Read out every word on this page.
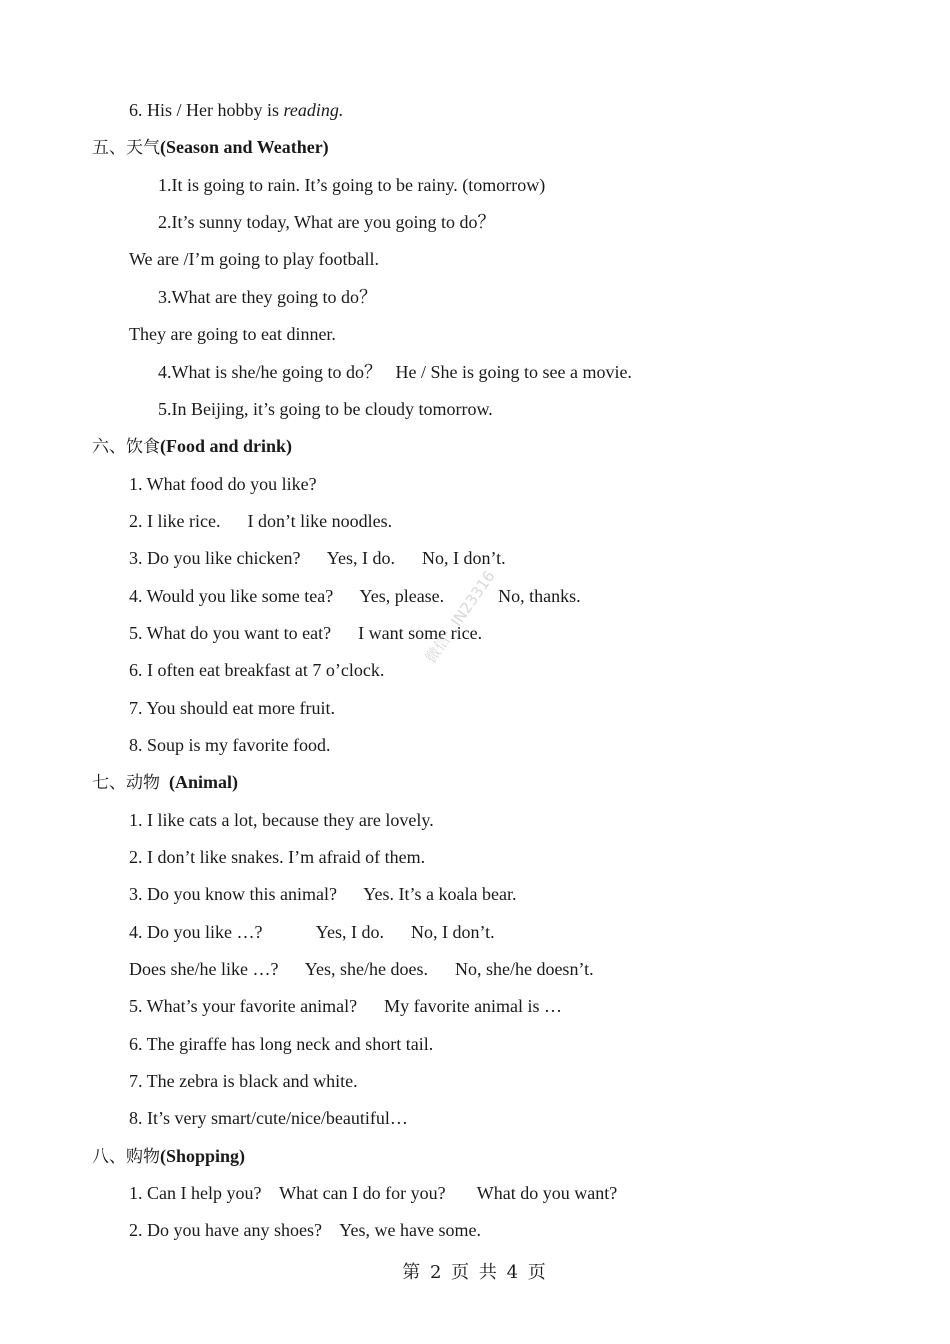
6. His / Her hobby is reading.
五、天气(Season and Weather)
1.It is going to rain. It’s going to be rainy. (tomorrow)
2.It’s sunny today, What are you going to do？
We are /I’m going to play football.
3.What are they going to do？
They are going to eat dinner.
4.What is she/he going to do？   He / She is going to see a movie.
5.In Beijing, it’s going to be cloudy tomorrow.
六、饮食(Food and drink)
1. What food do you like?
2. I like rice.      I don’t like noodles.
3. Do you like chicken?      Yes, I do.      No, I don’t.
4. Would you like some tea?      Yes, please.            No, thanks.
5. What do you want to eat?      I want some rice.
6. I often eat breakfast at 7 o’clock.
7. You should eat more fruit.
8. Soup is my favorite food.
七、动物  (Animal)
1. I like cats a lot, because they are lovely.
2. I don’t like snakes. I’m afraid of them.
3. Do you know this animal?      Yes. It’s a koala bear.
4. Do you like …?            Yes, I do.      No, I don’t.
Does she/he like …?      Yes, she/he does.      No, she/he doesn’t.
5. What’s your favorite animal?      My favorite animal is …
6. The giraffe has long neck and short tail.
7. The zebra is black and white.
8. It’s very smart/cute/nice/beautiful…
八、购物(Shopping)
1. Can I help you?    What can I do for you?       What do you want?
2. Do you have any shoes?    Yes, we have some.
微信：IN23316
第 2 页 共 4 页
